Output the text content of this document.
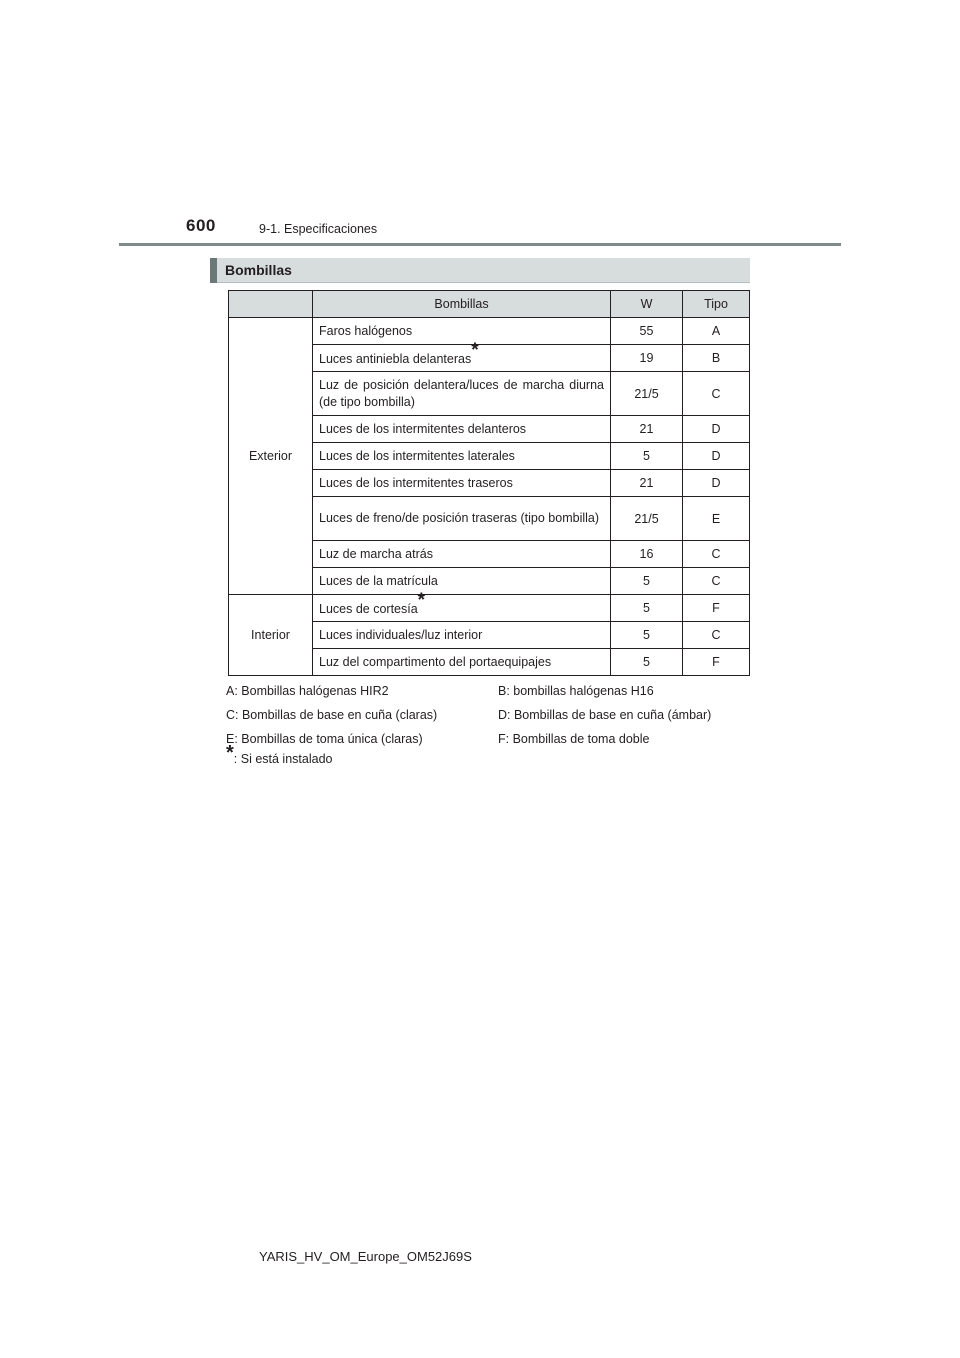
600	9-1. Especificaciones
Bombillas
	Bombillas	W	Tipo
Exterior	Faros halógenos	55	A
	Luces antiniebla delanteras*	19	B
	Luz de posición delantera/luces de marcha diurna (de tipo bombilla)	21/5	C
	Luces de los intermitentes delanteros	21	D
	Luces de los intermitentes laterales	5	D
	Luces de los intermitentes traseros	21	D
	Luces de freno/de posición traseras (tipo bombilla)	21/5	E
	Luz de marcha atrás	16	C
	Luces de la matrícula	5	C
Interior	Luces de cortesía*	5	F
	Luces individuales/luz interior	5	C
	Luz del compartimento del portaequipajes	5	F
A: Bombillas halógenas HIR2	B: bombillas halógenas H16
C: Bombillas de base en cuña (claras)	D: Bombillas de base en cuña (ámbar)
E: Bombillas de toma única (claras)	F: Bombillas de toma doble
*: Si está instalado
YARIS_HV_OM_Europe_OM52J69S
